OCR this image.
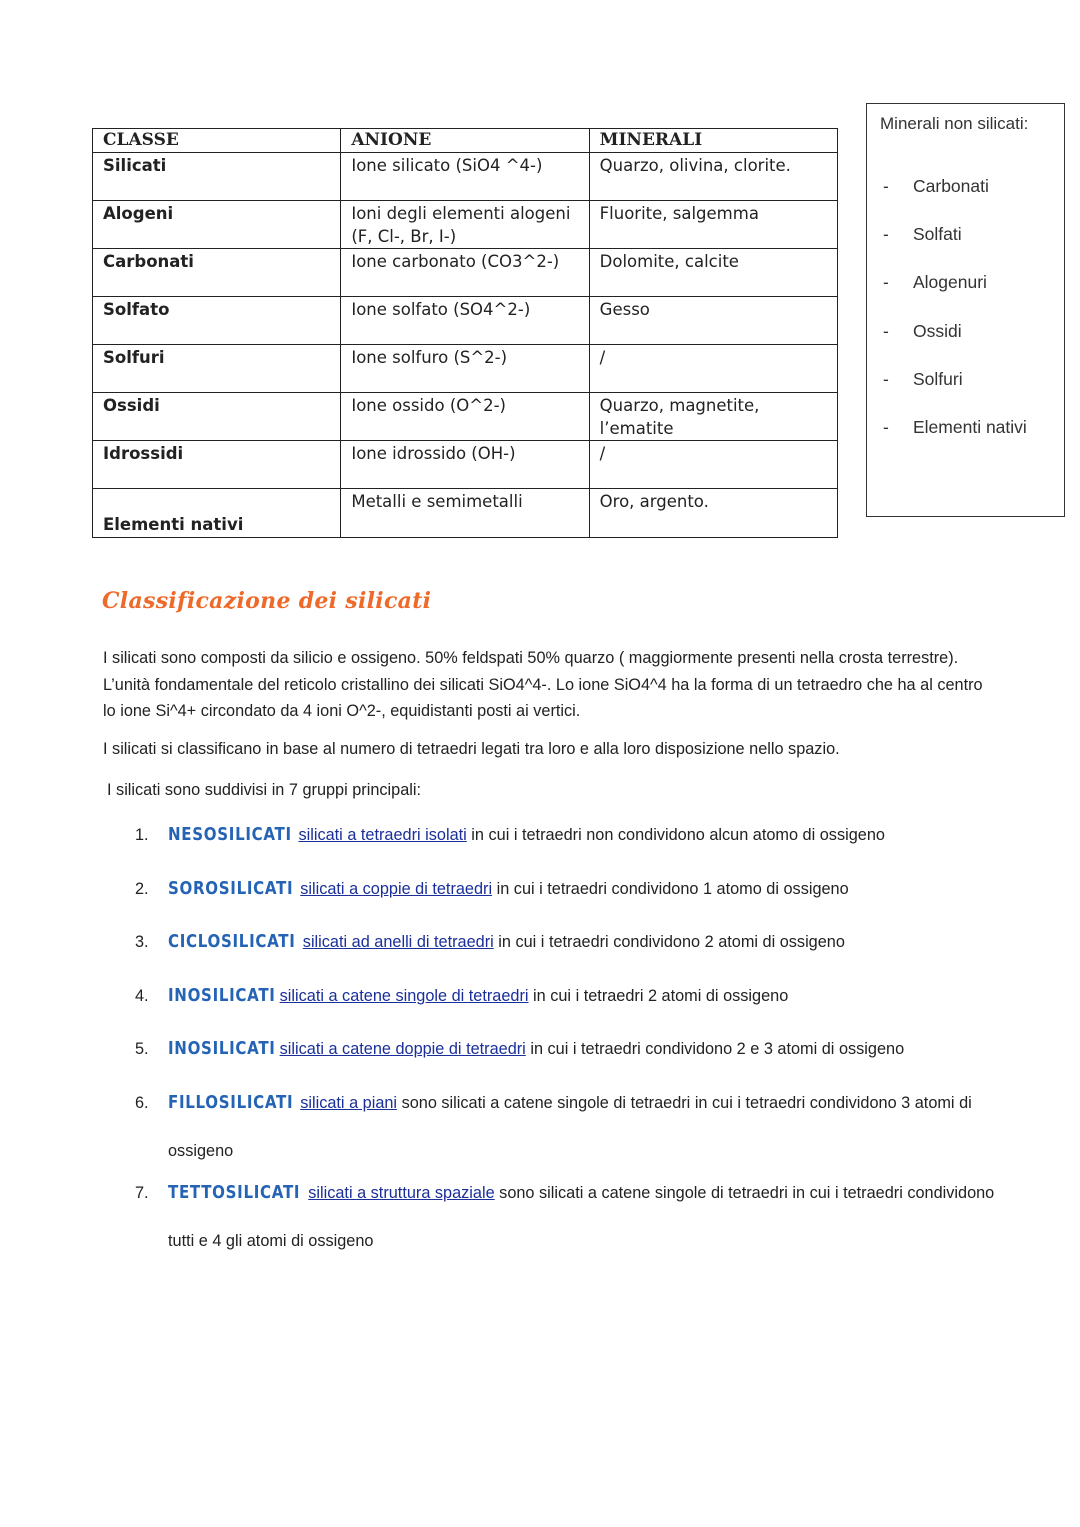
CLASSE	ANIONE	MINERALI
Silicati	Ione silicato (SiO4 ^4-)	Quarzo, olivina, clorite.
Alogeni	Ioni degli elementi alogeni (F, Cl-, Br, I-)	Fluorite, salgemma
Carbonati	Ione carbonato (CO3^2-)	Dolomite, calcite
Solfato	Ione solfato (SO4^2-)	Gesso
Solfuri	Ione solfuro (S^2-)	/
Ossidi	Ione ossido (O^2-)	Quarzo, magnetite, l’ematite
Idrossidi	Ione idrossido (OH-)	/
Elementi nativi	Metalli e semimetalli	Oro, argento.
Minerali non silicati:
- Carbonati
- Solfati
- Alogenuri
- Ossidi
- Solfuri
- Elementi nativi
Classificazione dei silicati
I silicati sono composti da silicio e ossigeno. 50% feldspati 50% quarzo ( maggiormente presenti nella crosta terrestre). L’unità fondamentale del reticolo cristallino dei silicati SiO4^4-. Lo ione SiO4^4 ha la forma di un tetraedro che ha al centro lo ione Si^4+ circondato da 4 ioni O^2-, equidistanti posti ai vertici.
I silicati si classificano in base al numero di tetraedri legati tra loro e alla loro disposizione nello spazio.
I silicati sono suddivisi in 7 gruppi principali:
1. NESOSILICATI silicati a tetraedri isolati in cui i tetraedri non condividono alcun atomo di ossigeno
2. SOROSILICATI silicati a coppie di tetraedri in cui i tetraedri condividono 1 atomo di ossigeno
3. CICLOSILICATI silicati ad anelli di tetraedri in cui i tetraedri condividono 2 atomi di ossigeno
4. INOSILICATI silicati a catene singole di tetraedri in cui i tetraedri 2 atomi di ossigeno
5. INOSILICATI silicati a catene doppie di tetraedri in cui i tetraedri condividono 2 e 3 atomi di ossigeno
6. FILLOSILICATI silicati a piani sono silicati a catene singole di tetraedri in cui i tetraedri condividono 3 atomi di
ossigeno
7. TETTOSILICATI silicati a struttura spaziale sono silicati a catene singole di tetraedri in cui i tetraedri condividono
tutti e 4 gli atomi di ossigeno
